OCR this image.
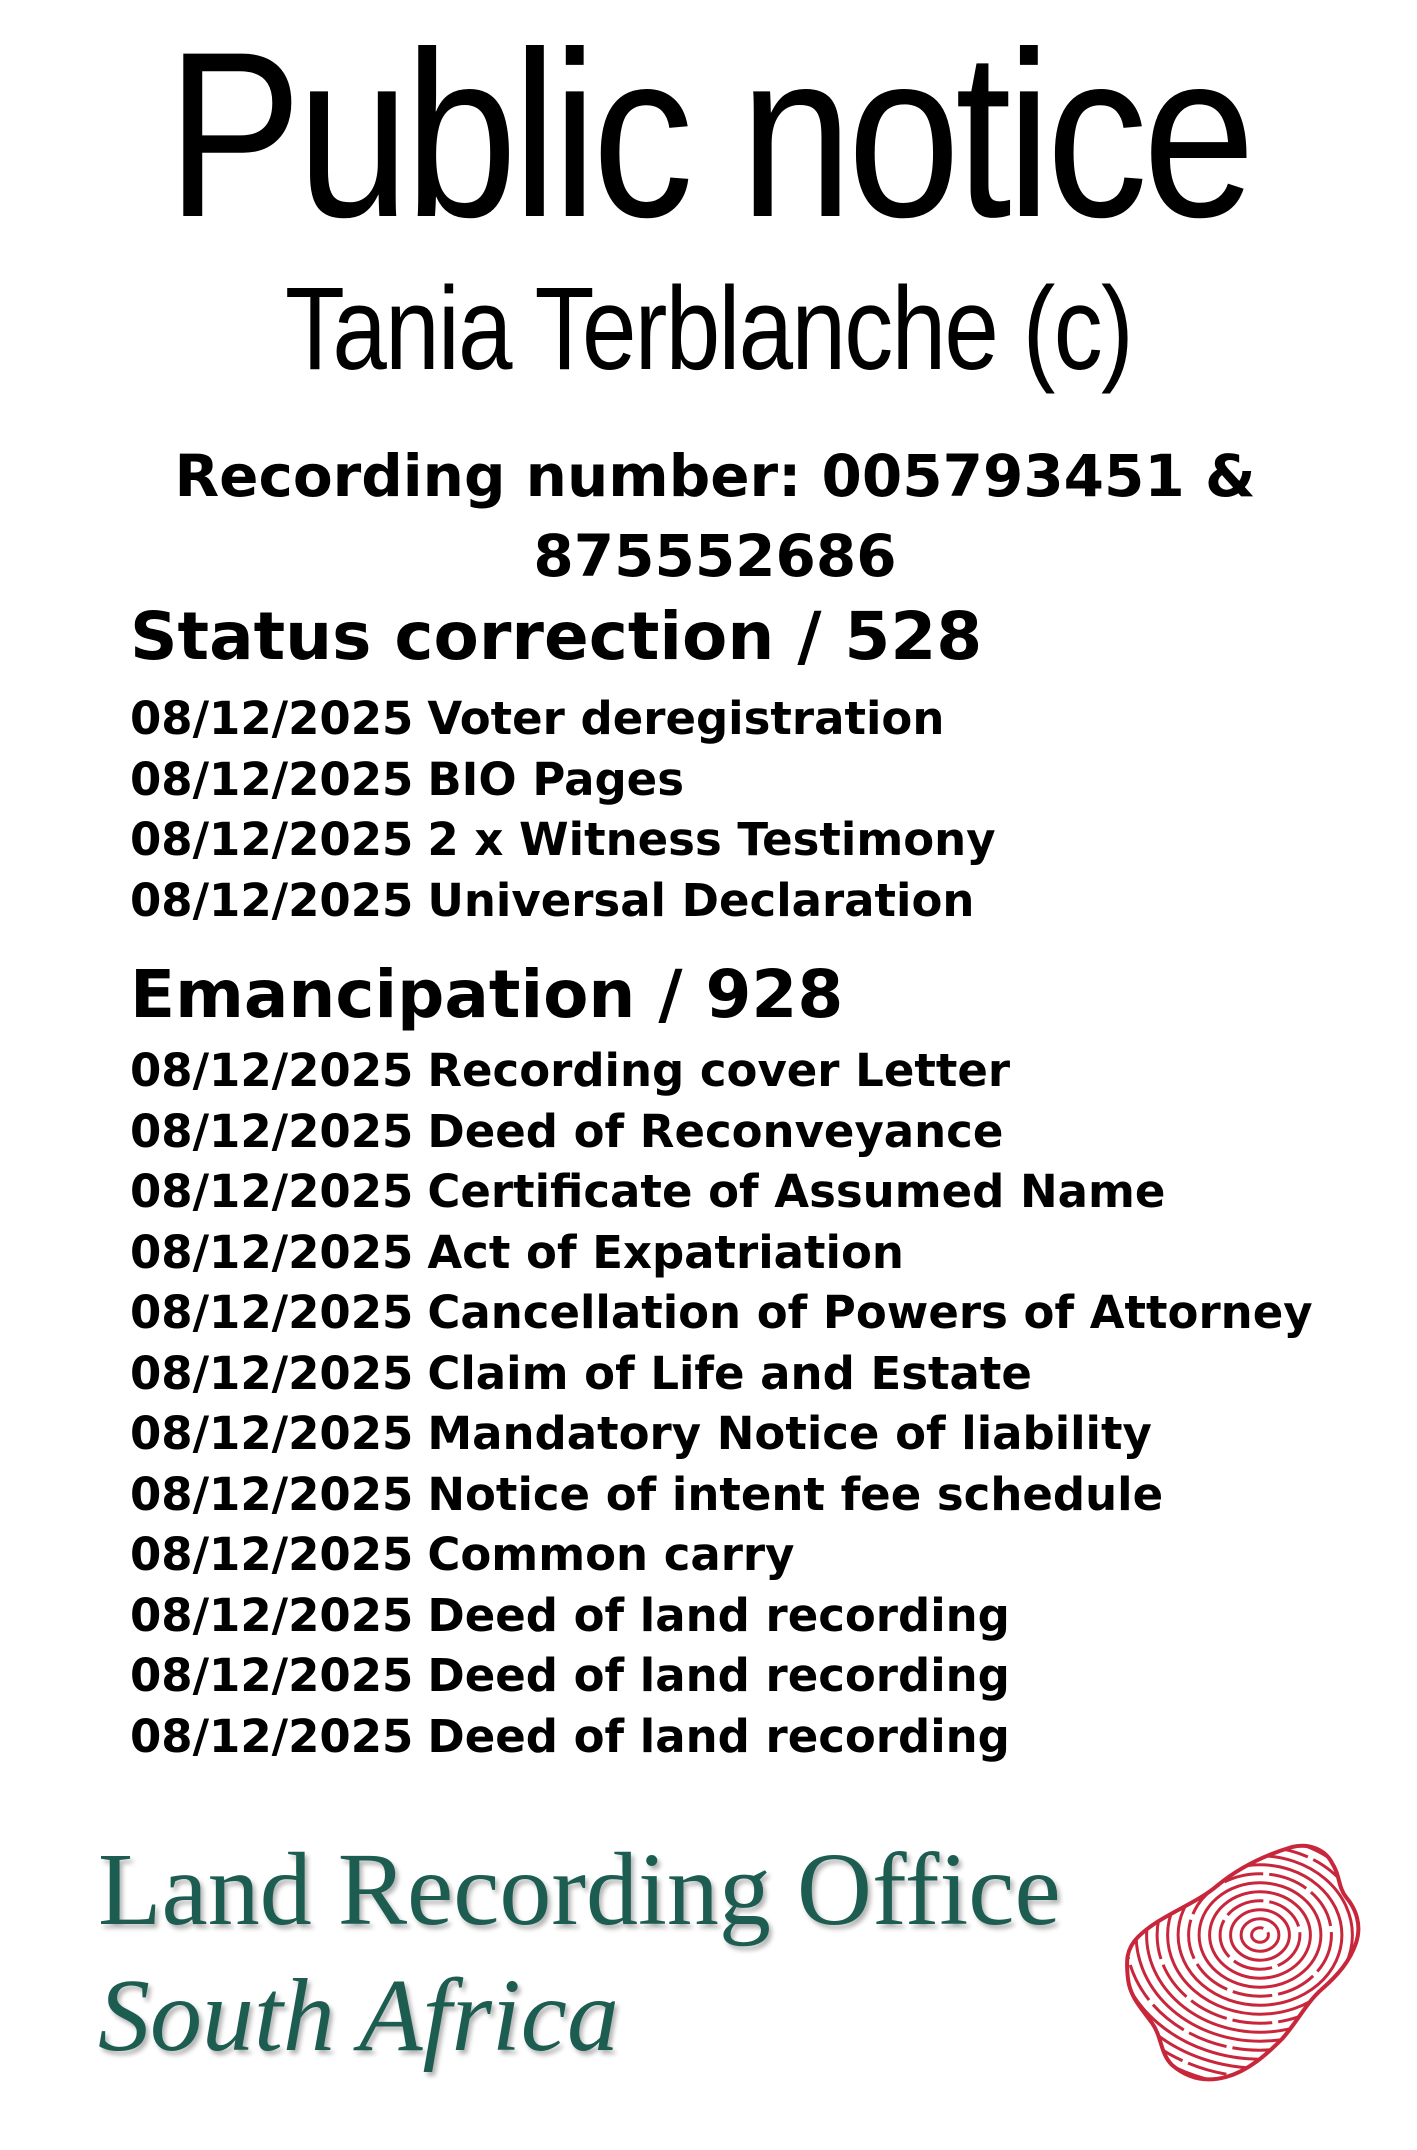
Public notice
Tania Terblanche (c)
Recording number: 005793451 & 875552686
Status correction / 528
08/12/2025 Voter deregistration
08/12/2025 BIO Pages
08/12/2025 2 x Witness Testimony
08/12/2025 Universal Declaration
Emancipation / 928
08/12/2025 Recording cover Letter
08/12/2025 Deed of Reconveyance
08/12/2025 Certificate of Assumed Name
08/12/2025 Act of Expatriation
08/12/2025 Cancellation of Powers of Attorney
08/12/2025 Claim of Life and Estate
08/12/2025 Mandatory Notice of liability
08/12/2025 Notice of intent fee schedule
08/12/2025 Common carry
08/12/2025 Deed of land recording
08/12/2025 Deed of land recording
08/12/2025 Deed of land recording
Land Recording Office
South Africa
